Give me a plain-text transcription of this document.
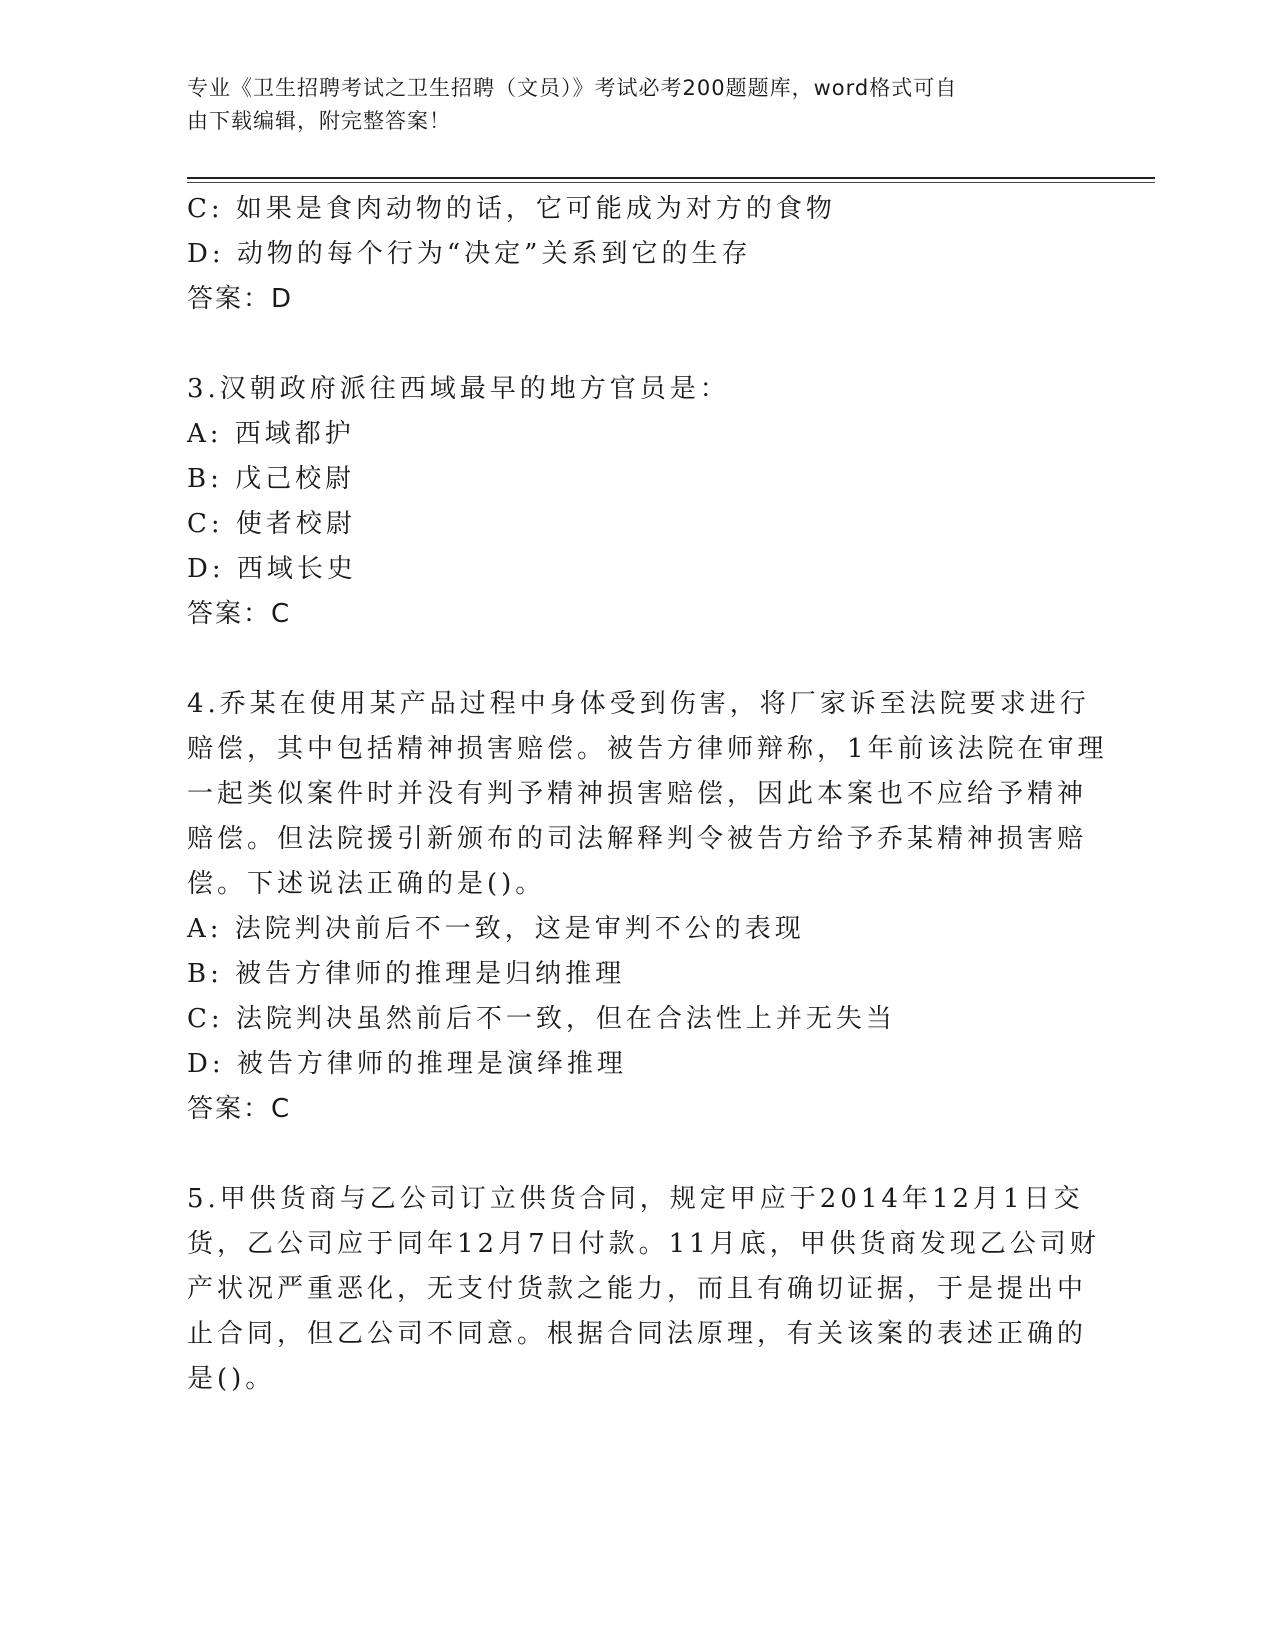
专业《卫生招聘考试之卫生招聘（文员）》考试必考200题题库，word格式可自
由下载编辑，附完整答案！
C: 如果是食肉动物的话，它可能成为对方的食物
D: 动物的每个行为“决定”关系到它的生存
答案：D
3.汉朝政府派往西域最早的地方官员是：
A: 西域都护
B: 戊己校尉
C: 使者校尉
D: 西域长史
答案：C
4.乔某在使用某产品过程中身体受到伤害，将厂家诉至法院要求进行
赔偿，其中包括精神损害赔偿。被告方律师辩称，1年前该法院在审理
一起类似案件时并没有判予精神损害赔偿，因此本案也不应给予精神
赔偿。但法院援引新颁布的司法解释判令被告方给予乔某精神损害赔
偿。下述说法正确的是()。
A: 法院判决前后不一致，这是审判不公的表现
B: 被告方律师的推理是归纳推理
C: 法院判决虽然前后不一致，但在合法性上并无失当
D: 被告方律师的推理是演绎推理
答案：C
5.甲供货商与乙公司订立供货合同，规定甲应于2014年12月1日交
货，乙公司应于同年12月7日付款。11月底，甲供货商发现乙公司财
产状况严重恶化，无支付货款之能力，而且有确切证据，于是提出中
止合同，但乙公司不同意。根据合同法原理，有关该案的表述正确的
是()。
